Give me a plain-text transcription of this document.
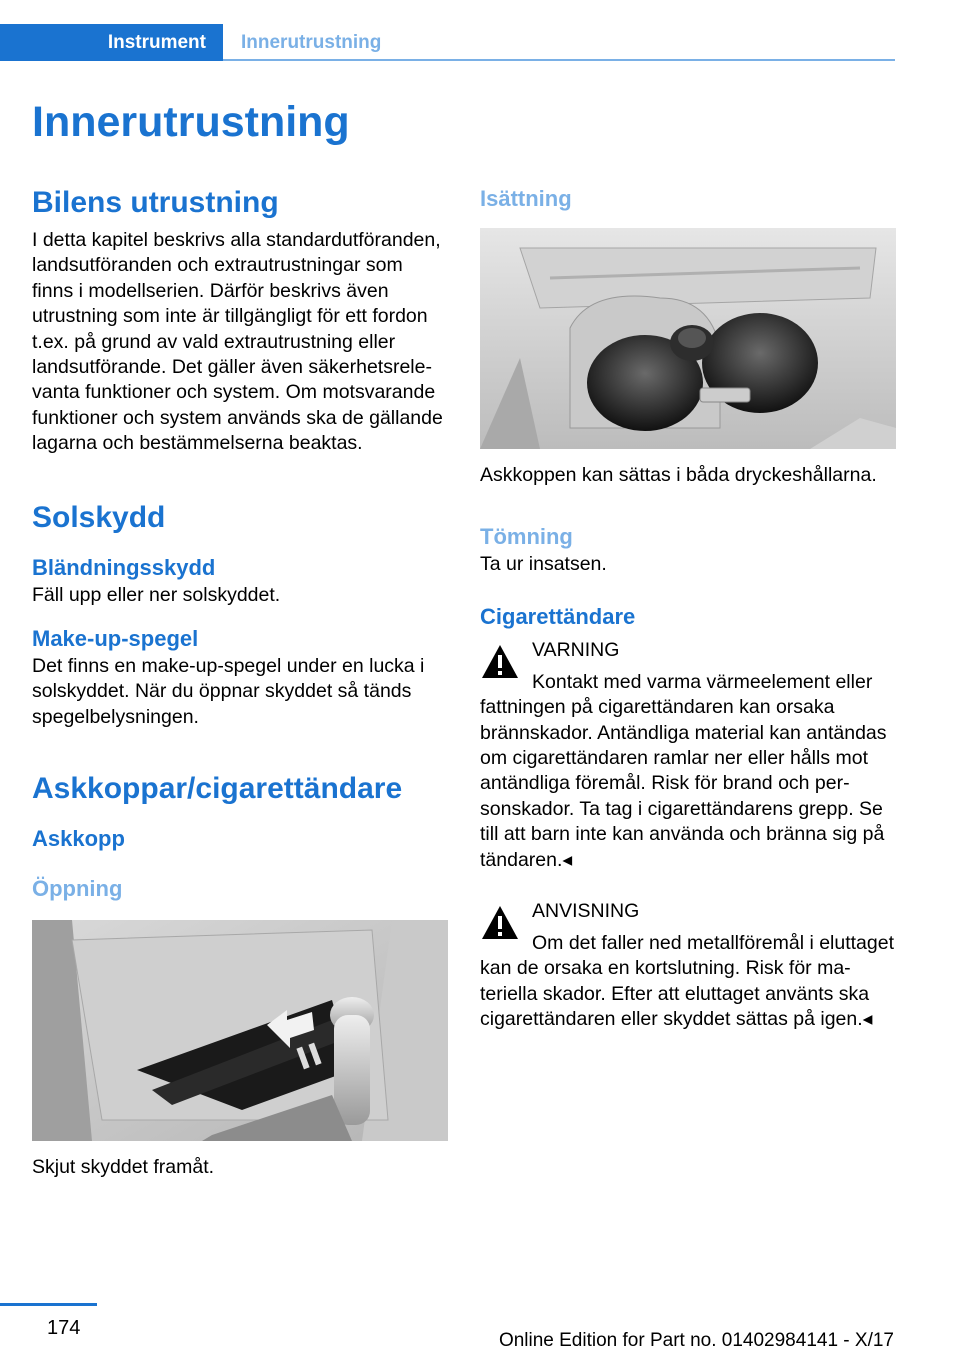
Instrument	Innerutrustning
Innerutrustning
Bilens utrustning

I detta kapitel beskrivs alla standardutföranden, landsutföranden och extrautrustningar som finns i modellserien. Därför beskrivs även utrustning som inte är tillgängligt för ett fordon t.ex. på grund av vald extrautrustning eller landsutförande. Det gäller även säkerhetsrelevanta funktioner och system. Om motsvarande funktioner och system används ska de gällande lagarna och bestämmelserna beaktas.

Solskydd
Bländningsskydd

Fäll upp eller ner solskyddet.

Make-up-spegel

Det finns en make-up-spegel under en lucka i solskyddet. När du öppnar skyddet så tänds spegelbelysningen.

Askkoppar/cigarettändare
Askkopp
Öppning

Skjut skyddet framåt.

Isättning

Askkoppen kan sättas i båda dryckeshållarna.

Tömning

Ta ur insatsen.

Cigarettändare
VARNING

Kontakt med varma värmeelement eller fattningen på cigarettändaren kan orsaka brännskador. Antändliga material kan antändas om cigarettändaren ramlar ner eller hålls mot antändliga föremål. Risk för brand och personskador. Ta tag i cigarettändarens grepp. Se till att barn inte kan använda och bränna sig på tändaren.◂

ANVISNING

Om det faller ned metallföremål i eluttaget kan de orsaka en kortslutning. Risk för materiella skador. Efter att eluttaget använts ska cigarettändaren eller skyddet sättas på igen.◂

174
Online Edition for Part no. 01402984141 - X/17
